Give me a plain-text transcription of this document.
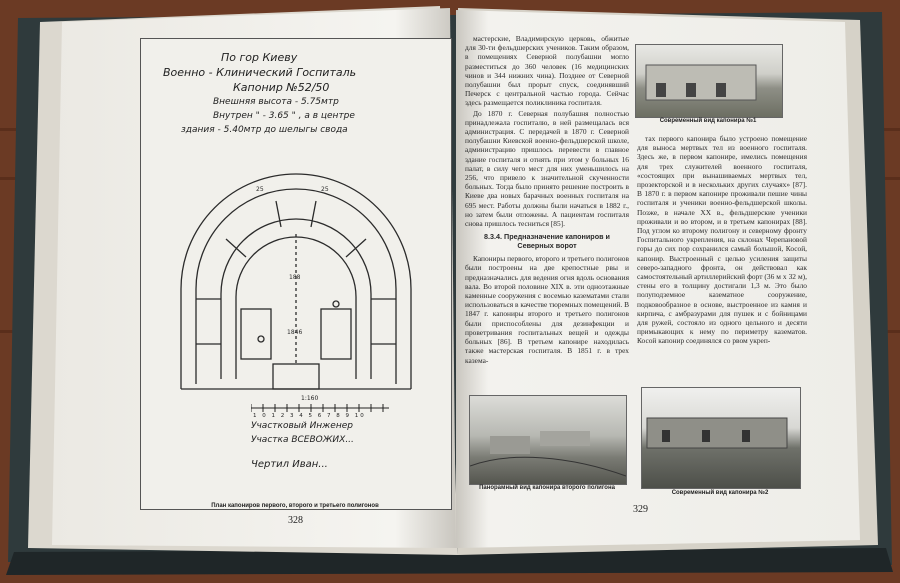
По гор Киеву
Военно - Клинический Госпиталь
Капонир №52/50
Внешняя высота - 5.75мтр
Внутрен " - 3.65 " , а в центре
здания - 5.40мтр до шелыгы свода
25	25
188
1846
1:160
1 0 1 2 3 4 5 6 7 8 9 10
Участковый Инженер
Участка ВСЕВОЖИХ...
Чертил Иван...
План капониров первого, второго и третьего полигонов
328

мастерские, Владимирскую церковь, обжитые для 30-ти фельдшерских учеников. Таким образом, в помещениях Северной полубашни могло разместиться до 360 человек (16 медицинских чинов и 344 нижних чина). Позднее от Северной полубашни был прорыт спуск, соединявший Печерск с центральной частью города. Сейчас здесь размещается поликлиника госпиталя.

До 1870 г. Северная полубашня полностью принадлежала госпиталю, в ней размещалась вся администрация. С передачей в 1870 г. Северной полубашни Киевской военно-фельдшерской школе, администрацию пришлось перевести в главное здание госпиталя и отнять при этом у больных 16 палат, в силу чего мест для них уменьшилось на 256, что привело к значительной скученности больных. Тогда было принято решение построить в Киеве два новых барачных военных госпиталя на 695 мест. Работы должны были начаться в 1882 г., но затем были отложены. А пациентам госпиталя снова пришлось тесниться [85].

8.3.4. Предназначение капониров и Северных ворот

Капониры первого, второго и третьего полигонов были построены на две крепостные рвы и предназначались для ведения огня вдоль основания вала. Во второй половине XIX в. эти одноэтажные каменные сооружения с восемью казематами стали использоваться в качестве тюремных помещений. В 1847 г. капониры второго и третьего полигонов были приспособлены для дезинфекции и проветривания госпитальных вещей и одежды больных [86]. В третьем капонире находилась также мастерская госпиталя. В 1851 г. в трех казема-

Современный вид капонира №1

тах первого капонира было устроено помещение для выноса мертвых тел из военного госпиталя. Здесь же, в первом капонире, имелись помещения для трех служителей военного госпиталя, «состоящих при вынашиваемых мертвых тел, прозекторской и в нескольких других случаях» [87]. В 1870 г. в первом капонире проживали пешие чины госпиталя и ученики военно-фельдшерской школы. Позже, в начале XX в., фельдшерские ученики проживали и во втором, и в третьем капонирах [88]. Под углом ко второму полигону и северному фронту Госпитального укрепления, на склонах Черепановой горы до сих пор сохранился самый большой, Косой, капонир. Выстроенный с целью усиления защиты северо-западного фронта, он действовал как самостоятельный артиллерийский форт (36 м х 32 м), стены его в толщину достигали 1,3 м. Это было полуподземное казематное сооружение, подковообразное в основе, выстроенное из камня и кирпича, с амбразурами для пушек и с бойницами для ружей, состояло из одного цельного и десяти примыкающих к нему по периметру казематов. Косой капонир соединялся со рвом укреп-

Панорамный вид капонира второго полигона
Современный вид капонира №2
329
